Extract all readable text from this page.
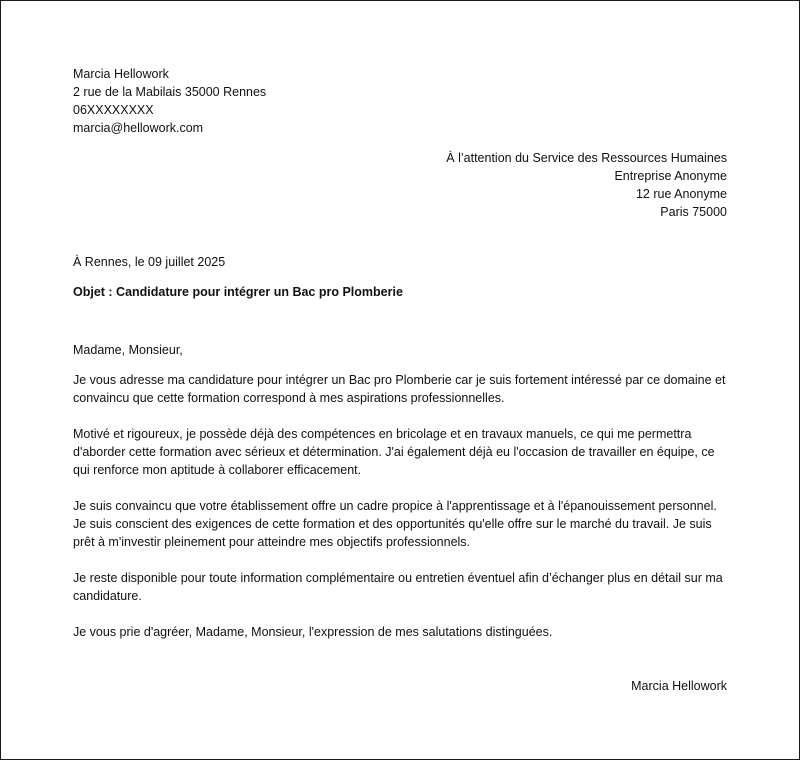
Marcia Hellowork
2 rue de la Mabilais 35000 Rennes
06XXXXXXXX
marcia@hellowork.com
À l’attention du Service des Ressources Humaines
Entreprise Anonyme
12 rue Anonyme
Paris 75000
À Rennes, le 09 juillet 2025
Objet : Candidature pour intégrer un Bac pro Plomberie
Madame, Monsieur,

Je vous adresse ma candidature pour intégrer un Bac pro Plomberie car je suis fortement intéressé par ce domaine et convaincu que cette formation correspond à mes aspirations professionnelles.

Motivé et rigoureux, je possède déjà des compétences en bricolage et en travaux manuels, ce qui me permettra d'aborder cette formation avec sérieux et détermination. J'ai également déjà eu l'occasion de travailler en équipe, ce qui renforce mon aptitude à collaborer efficacement.

Je suis convaincu que votre établissement offre un cadre propice à l'apprentissage et à l'épanouissement personnel. Je suis conscient des exigences de cette formation et des opportunités qu'elle offre sur le marché du travail. Je suis prêt à m'investir pleinement pour atteindre mes objectifs professionnels.

Je reste disponible pour toute information complémentaire ou entretien éventuel afin d’échanger plus en détail sur ma candidature.

Je vous prie d'agréer, Madame, Monsieur, l'expression de mes salutations distinguées.

Marcia Hellowork
